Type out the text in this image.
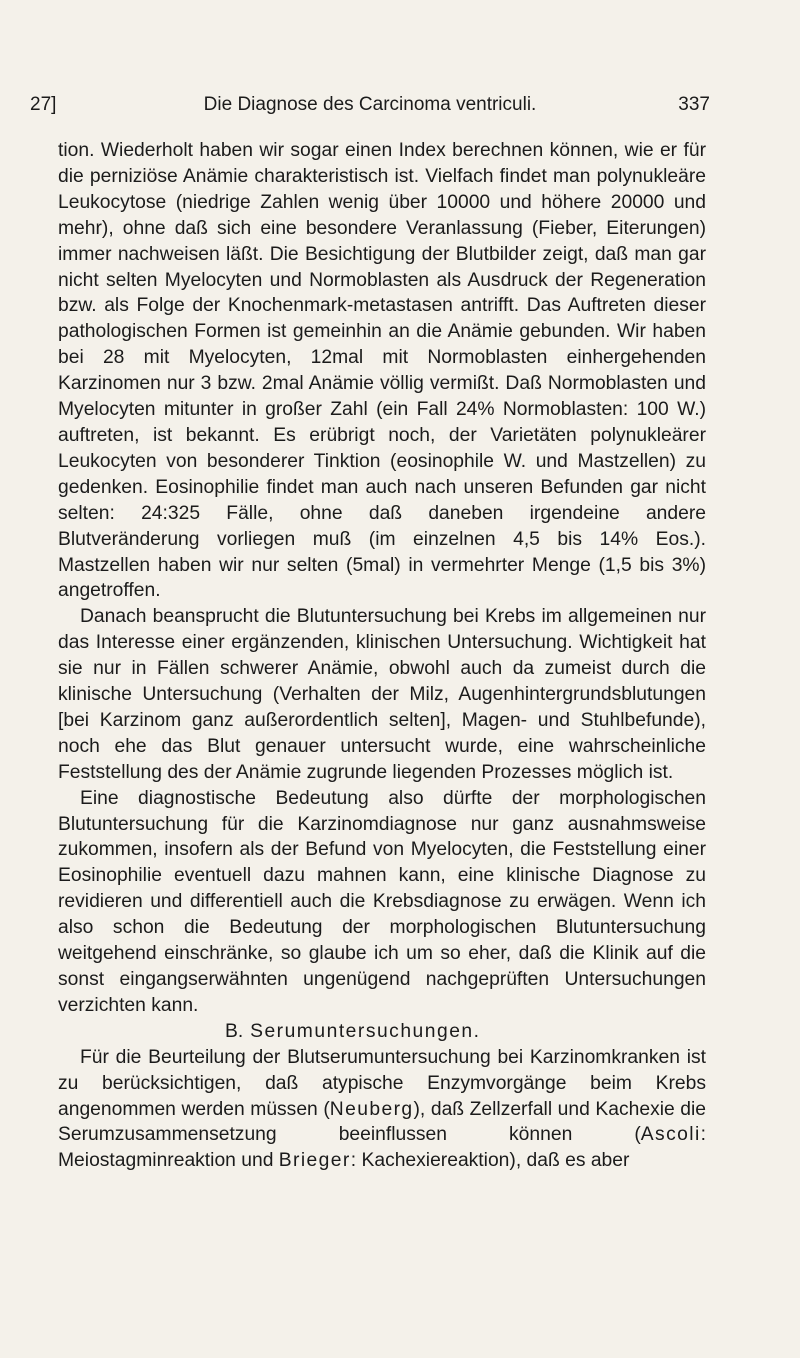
27]	Die Diagnose des Carcinoma ventriculi.	337

tion. Wiederholt haben wir sogar einen Index berechnen können, wie er für die perniziöse Anämie charakteristisch ist. Vielfach findet man polynukleäre Leukocytose (niedrige Zahlen wenig über 10000 und höhere 20000 und mehr), ohne daß sich eine besondere Veranlassung (Fieber, Eiterungen) immer nachweisen läßt. Die Besichtigung der Blutbilder zeigt, daß man gar nicht selten Myelocyten und Normoblasten als Ausdruck der Regeneration bzw. als Folge der Knochenmark-metastasen antrifft. Das Auftreten dieser pathologischen Formen ist gemeinhin an die Anämie gebunden. Wir haben bei 28 mit Myelocyten, 12mal mit Normoblasten einhergehenden Karzinomen nur 3 bzw. 2mal Anämie völlig vermißt. Daß Normoblasten und Myelocyten mitunter in großer Zahl (ein Fall 24% Normoblasten: 100 W.) auftreten, ist bekannt. Es erübrigt noch, der Varietäten polynukleärer Leukocyten von besonderer Tinktion (eosinophile W. und Mastzellen) zu gedenken. Eosinophilie findet man auch nach unseren Befunden gar nicht selten: 24:325 Fälle, ohne daß daneben irgendeine andere Blutveränderung vorliegen muß (im einzelnen 4,5 bis 14% Eos.). Mastzellen haben wir nur selten (5mal) in vermehrter Menge (1,5 bis 3%) angetroffen.

Danach beansprucht die Blutuntersuchung bei Krebs im allgemeinen nur das Interesse einer ergänzenden, klinischen Untersuchung. Wichtigkeit hat sie nur in Fällen schwerer Anämie, obwohl auch da zumeist durch die klinische Untersuchung (Verhalten der Milz, Augenhintergrundsblutungen [bei Karzinom ganz außerordentlich selten], Magen- und Stuhlbefunde), noch ehe das Blut genauer untersucht wurde, eine wahrscheinliche Feststellung des der Anämie zugrunde liegenden Prozesses möglich ist.

Eine diagnostische Bedeutung also dürfte der morphologischen Blutuntersuchung für die Karzinomdiagnose nur ganz ausnahmsweise zukommen, insofern als der Befund von Myelocyten, die Feststellung einer Eosinophilie eventuell dazu mahnen kann, eine klinische Diagnose zu revidieren und differentiell auch die Krebsdiagnose zu erwägen. Wenn ich also schon die Bedeutung der morphologischen Blutuntersuchung weitgehend einschränke, so glaube ich um so eher, daß die Klinik auf die sonst eingangserwähnten ungenügend nachgeprüften Untersuchungen verzichten kann.

B. Serumuntersuchungen.

Für die Beurteilung der Blutserumuntersuchung bei Karzinomkranken ist zu berücksichtigen, daß atypische Enzymvorgänge beim Krebs angenommen werden müssen (Neuberg), daß Zellzerfall und Kachexie die Serumzusammensetzung beeinflussen können (Ascoli: Meiostagminreaktion und Brieger: Kachexiereaktion), daß es aber
